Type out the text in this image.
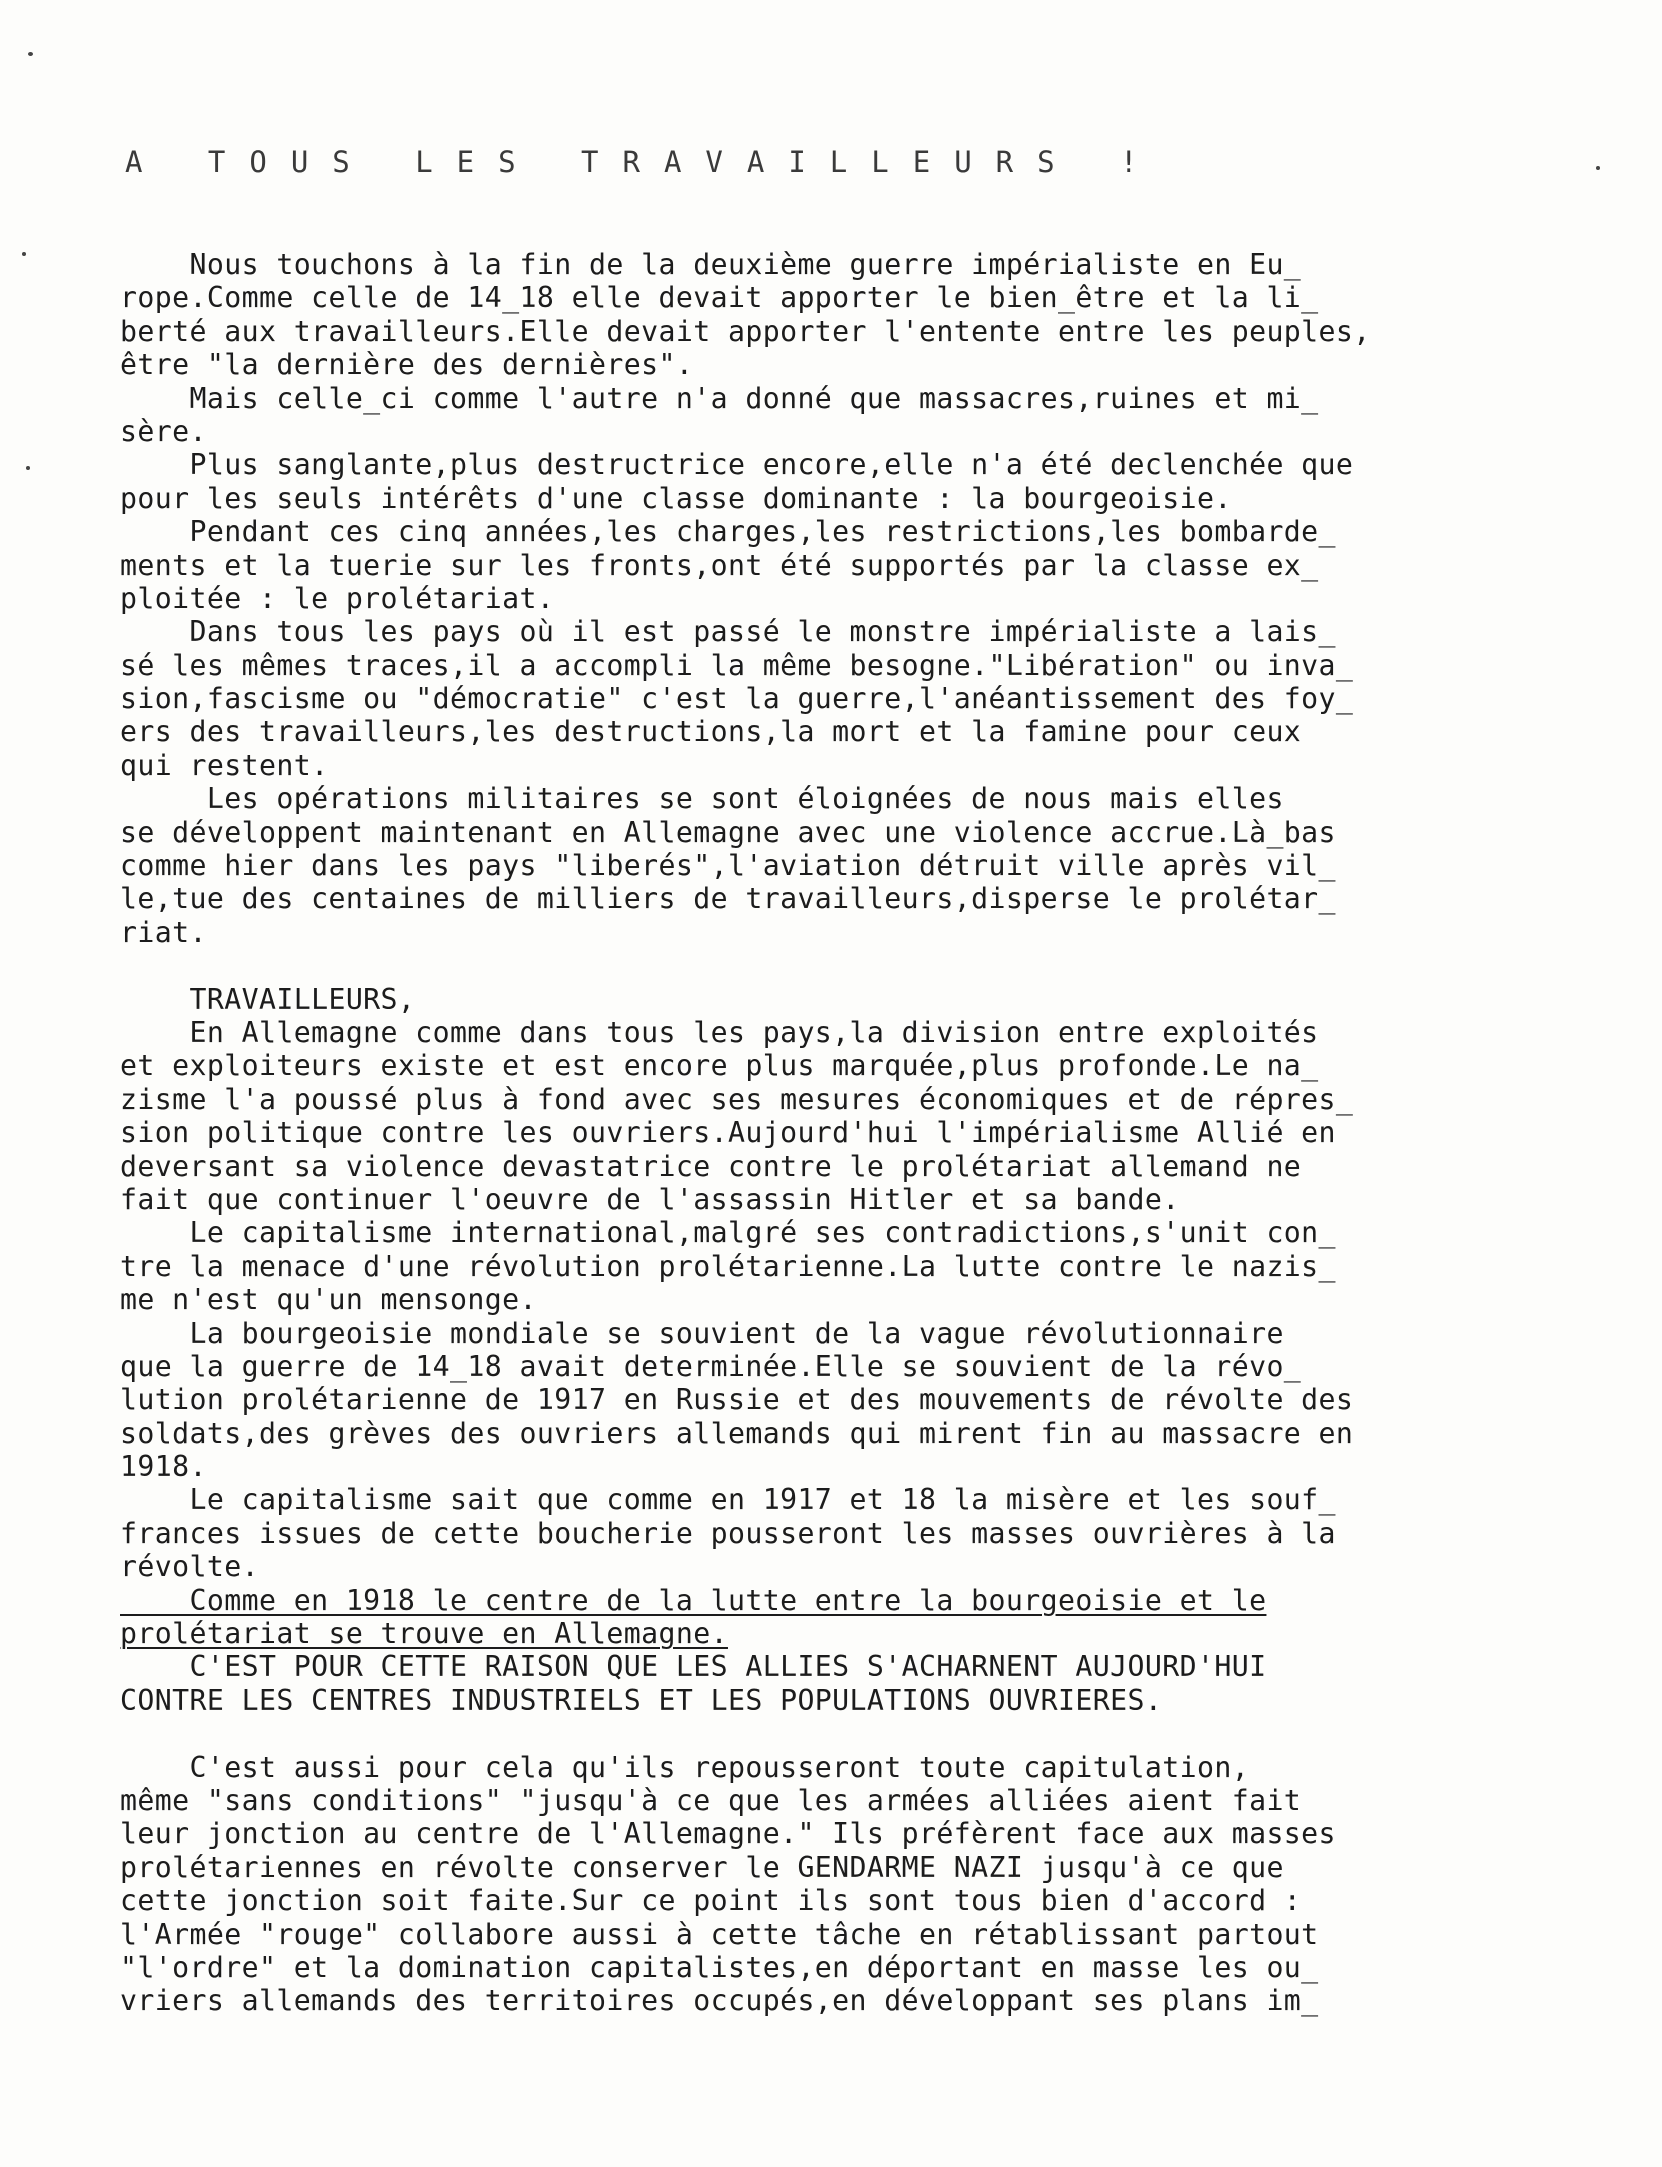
A TOUS LES TRAVAILLEURS !
Nous touchons à la fin de la deuxième guerre impérialiste en Eu_
rope.Comme celle de 14_18 elle devait apporter le bien_être et la li_
berté aux travailleurs.Elle devait apporter l'entente entre les peuples,
être "la dernière des dernières".
Mais celle_ci comme l'autre n'a donné que massacres,ruines et mi_
sère.
Plus sanglante,plus destructrice encore,elle n'a été declenchée que
pour les seuls intérêts d'une classe dominante : la bourgeoisie.
Pendant ces cinq années,les charges,les restrictions,les bombarde_
ments et la tuerie sur les fronts,ont été supportés par la classe ex_
ploitée : le prolétariat.
Dans tous les pays où il est passé le monstre impérialiste a lais_
sé les mêmes traces,il a accompli la même besogne."Libération" ou inva_
sion,fascisme ou "démocratie" c'est la guerre,l'anéantissement des foy_
ers des travailleurs,les destructions,la mort et la famine pour ceux
qui restent.
Les opérations militaires se sont éloignées de nous mais elles
se développent maintenant en Allemagne avec une violence accrue.Là_bas
comme hier dans les pays "liberés",l'aviation détruit ville après vil_
le,tue des centaines de milliers de travailleurs,disperse le prolétar_
riat.
TRAVAILLEURS,
En Allemagne comme dans tous les pays,la division entre exploités
et exploiteurs existe et est encore plus marquée,plus profonde.Le na_
zisme l'a poussé plus à fond avec ses mesures économiques et de répres_
sion politique contre les ouvriers.Aujourd'hui l'impérialisme Allié en
deversant sa violence devastatrice contre le prolétariat allemand ne
fait que continuer l'oeuvre de l'assassin Hitler et sa bande.
Le capitalisme international,malgré ses contradictions,s'unit con_
tre la menace d'une révolution prolétarienne.La lutte contre le nazis_
me n'est qu'un mensonge.
La bourgeoisie mondiale se souvient de la vague révolutionnaire
que la guerre de 14_18 avait determinée.Elle se souvient de la révo_
lution prolétarienne de 1917 en Russie et des mouvements de révolte des
soldats,des grèves des ouvriers allemands qui mirent fin au massacre en
1918.
Le capitalisme sait que comme en 1917 et 18 la misère et les souf_
frances issues de cette boucherie pousseront les masses ouvrières à la
révolte.
Comme en 1918 le centre de la lutte entre la bourgeoisie et le
prolétariat se trouve en Allemagne.
C'EST POUR CETTE RAISON QUE LES ALLIES S'ACHARNENT AUJOURD'HUI
CONTRE LES CENTRES INDUSTRIELS ET LES POPULATIONS OUVRIERES.
C'est aussi pour cela qu'ils repousseront toute capitulation,
même "sans conditions" "jusqu'à ce que les armées alliées aient fait
leur jonction au centre de l'Allemagne." Ils préfèrent face aux masses
prolétariennes en révolte conserver le GENDARME NAZI jusqu'à ce que
cette jonction soit faite.Sur ce point ils sont tous bien d'accord :
l'Armée "rouge" collabore aussi à cette tâche en rétablissant partout
"l'ordre" et la domination capitalistes,en déportant en masse les ou_
vriers allemands des territoires occupés,en développant ses plans im_
